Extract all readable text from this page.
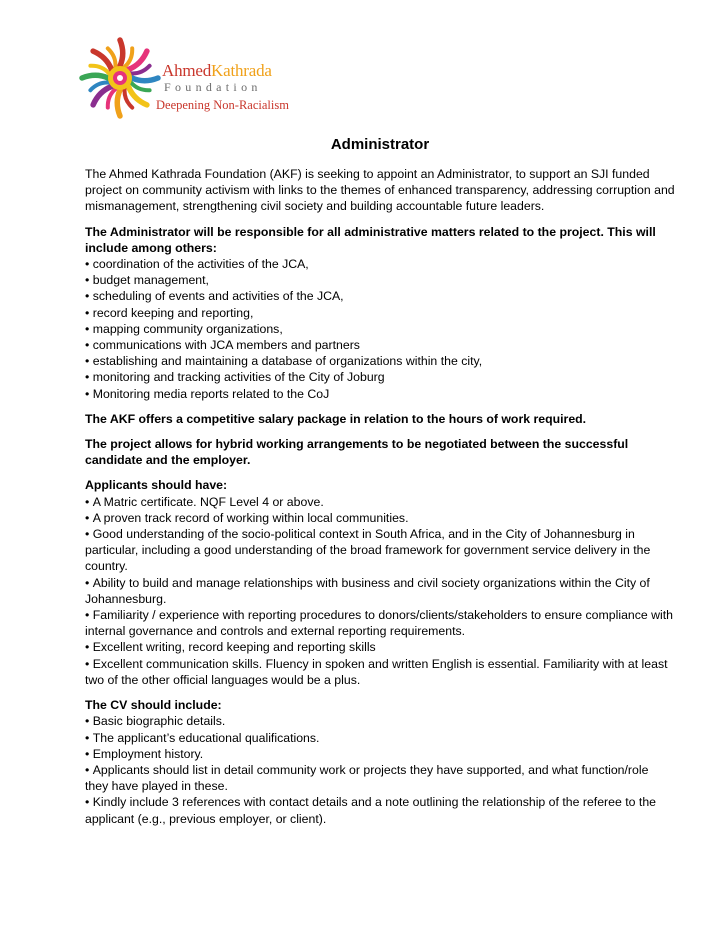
AhmedKathrada
Foundation
Deepening Non-Racialism
Administrator

The Ahmed Kathrada Foundation (AKF) is seeking to appoint an Administrator, to support an SJI funded project on community activism with links to the themes of enhanced transparency, addressing corruption and mismanagement, strengthening civil society and building accountable future leaders.

The Administrator will be responsible for all administrative matters related to the project. This will include among others:
• coordination of the activities of the JCA,
• budget management,
• scheduling of events and activities of the JCA,
• record keeping and reporting,
• mapping community organizations,
• communications with JCA members and partners
• establishing and maintaining a database of organizations within the city,
• monitoring and tracking activities of the City of Joburg
• Monitoring media reports related to the CoJ

The AKF offers a competitive salary package in relation to the hours of work required.

The project allows for hybrid working arrangements to be negotiated between the successful candidate and the employer.

Applicants should have:
• A Matric certificate. NQF Level 4 or above.
• A proven track record of working within local communities.
• Good understanding of the socio-political context in South Africa, and in the City of Johannesburg in particular, including a good understanding of the broad framework for government service delivery in the country.
• Ability to build and manage relationships with business and civil society organizations within the City of Johannesburg.
• Familiarity / experience with reporting procedures to donors/clients/stakeholders to ensure compliance with internal governance and controls and external reporting requirements.
• Excellent writing, record keeping and reporting skills
• Excellent communication skills. Fluency in spoken and written English is essential. Familiarity with at least two of the other official languages would be a plus.
The CV should include:
• Basic biographic details.
• The applicant’s educational qualifications.
• Employment history.
• Applicants should list in detail community work or projects they have supported, and what function/role they have played in these.
• Kindly include 3 references with contact details and a note outlining the relationship of the referee to the applicant (e.g., previous employer, or client).
